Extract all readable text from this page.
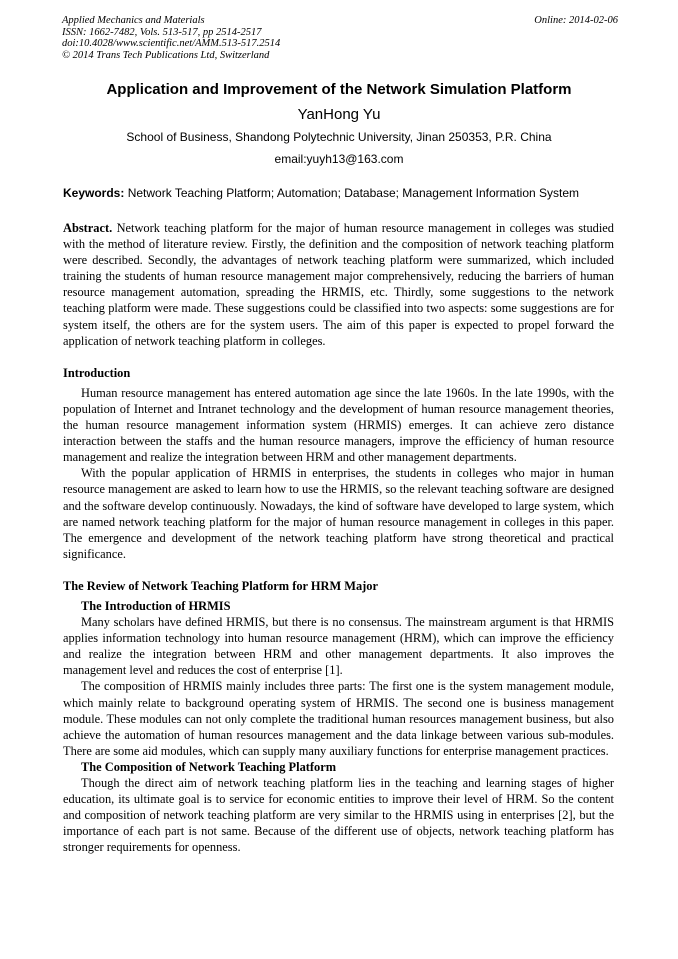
Applied Mechanics and Materials	Online: 2014-02-06
ISSN: 1662-7482, Vols. 513-517, pp 2514-2517
doi:10.4028/www.scientific.net/AMM.513-517.2514
© 2014 Trans Tech Publications Ltd, Switzerland
Application and Improvement of the Network Simulation Platform
YanHong Yu
School of Business, Shandong Polytechnic University, Jinan 250353, P.R. China
email:yuyh13@163.com
Keywords: Network Teaching Platform; Automation; Database; Management Information System

Abstract. Network teaching platform for the major of human resource management in colleges was studied with the method of literature review. Firstly, the definition and the composition of network teaching platform were described. Secondly, the advantages of network teaching platform were summarized, which included training the students of human resource management major comprehensively, reducing the barriers of human resource management automation, spreading the HRMIS, etc. Thirdly, some suggestions to the network teaching platform were made. These suggestions could be classified into two aspects: some suggestions are for system itself, the others are for the system users. The aim of this paper is expected to propel forward the application of network teaching platform in colleges.

Introduction

Human resource management has entered automation age since the late 1960s. In the late 1990s, with the population of Internet and Intranet technology and the development of human resource management theories, the human resource management information system (HRMIS) emerges. It can achieve zero distance interaction between the staffs and the human resource managers, improve the efficiency of human resource management and realize the integration between HRM and other management departments.

With the popular application of HRMIS in enterprises, the students in colleges who major in human resource management are asked to learn how to use the HRMIS, so the relevant teaching software are designed and the software develop continuously. Nowadays, the kind of software have developed to large system, which are named network teaching platform for the major of human resource management in colleges in this paper. The emergence and development of the network teaching platform have strong theoretical and practical significance.

The Review of Network Teaching Platform for HRM Major
The Introduction of HRMIS

Many scholars have defined HRMIS, but there is no consensus. The mainstream argument is that HRMIS applies information technology into human resource management (HRM), which can improve the efficiency and realize the integration between HRM and other management departments. It also improves the management level and reduces the cost of enterprise [1].

The composition of HRMIS mainly includes three parts: The first one is the system management module, which mainly relate to background operating system of HRMIS. The second one is business management module. These modules can not only complete the traditional human resources management business, but also achieve the automation of human resources management and the data linkage between various sub-modules. There are some aid modules, which can supply many auxiliary functions for enterprise management practices.

The Composition of Network Teaching Platform

Though the direct aim of network teaching platform lies in the teaching and learning stages of higher education, its ultimate goal is to service for economic entities to improve their level of HRM. So the content and composition of network teaching platform are very similar to the HRMIS using in enterprises [2], but the importance of each part is not same. Because of the different use of objects, network teaching platform has stronger requirements for openness.
